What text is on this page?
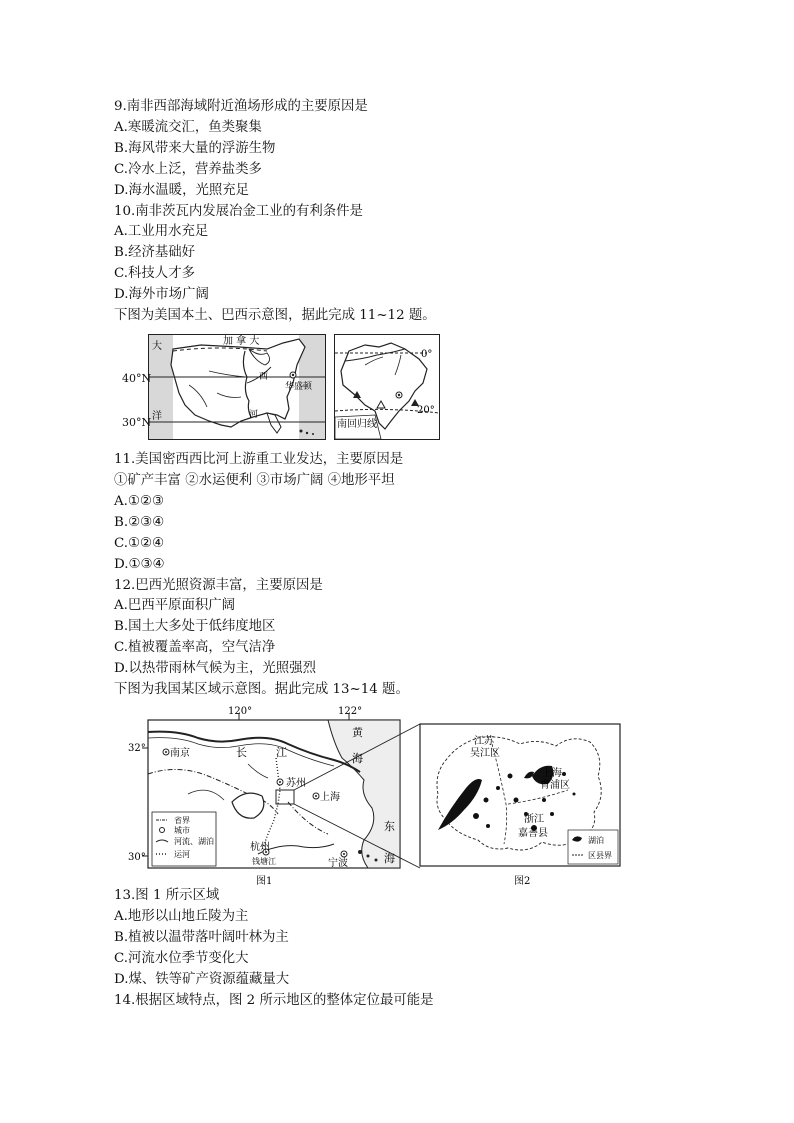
9.南非西部海域附近渔场形成的主要原因是
A.寒暖流交汇，鱼类聚集
B.海风带来大量的浮游生物
C.冷水上泛，营养盐类多
D.海水温暖，光照充足
10.南非茨瓦内发展冶金工业的有利条件是
A.工业用水充足
B.经济基础好
C.科技人才多
D.海外市场广阔
下图为美国本土、巴西示意图，据此完成 11~12 题。
大	加 拿 大
西
河
洋
华盛顿
40°N
30°N
0°
20°
南回归线
11.美国密西西比河上游重工业发达，主要原因是
①矿产丰富 ②水运便利 ③市场广阔 ④地形平坦
A.①②③
B.②③④
C.①②④
D.①③④
12.巴西光照资源丰富，主要原因是
A.巴西平原面积广阔
B.国土大多处于低纬度地区
C.植被覆盖率高，空气洁净
D.以热带雨林气候为主，光照强烈
下图为我国某区域示意图。据此完成 13~14 题。
省界
城市
河流、湖泊
运河
120°	122°
32°
30°
南京	长	江
黄
海
苏州
上海
杭州
钱塘江	宁波
东
海
图1
湖泊
区县界
江苏
吴江区
上海
青浦区
浙江
嘉善县
图2
13.图 1 所示区域
A.地形以山地丘陵为主
B.植被以温带落叶阔叶林为主
C.河流水位季节变化大
D.煤、铁等矿产资源蕴藏量大
14.根据区域特点，图 2 所示地区的整体定位最可能是
